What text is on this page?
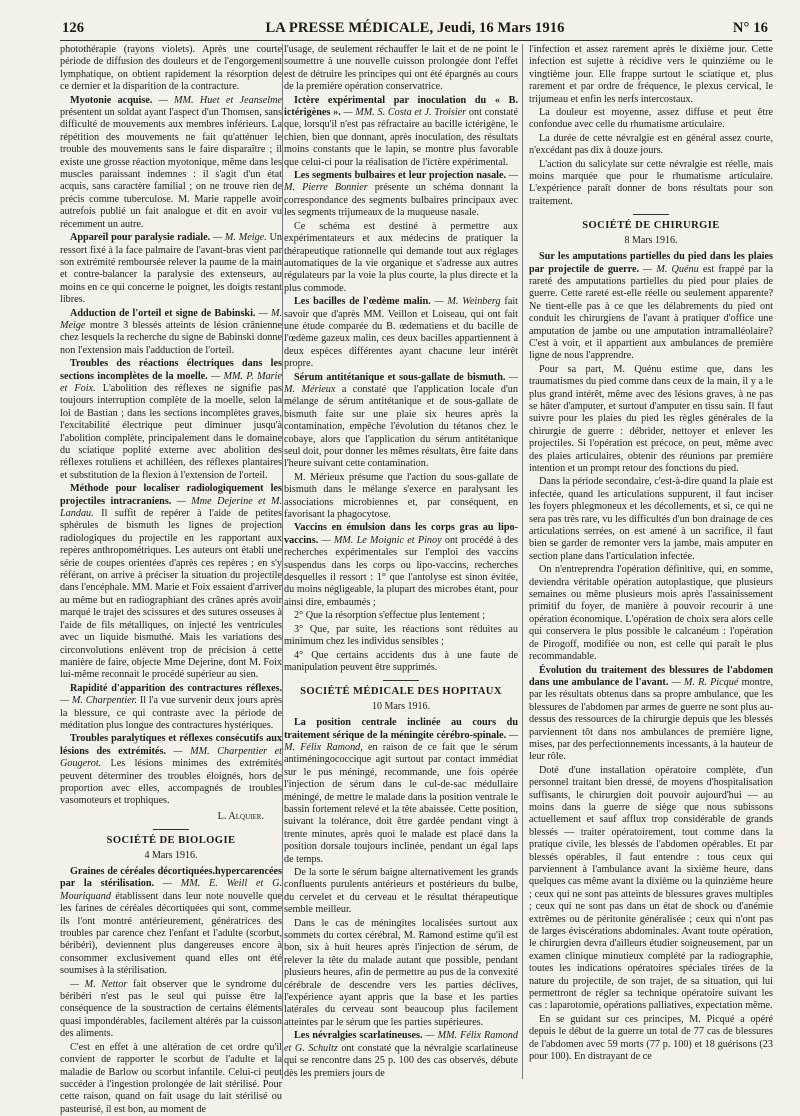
126	LA PRESSE MÉDICALE, Jeudi, 16 Mars 1916	N° 16

photothérapie (rayons violets). Après une courte période de diffusion des douleurs et de l'engorgement lymphatique, on obtient rapidement la résorption de ce dernier et la disparition de la contracture.

Myotonie acquise. — MM. Huet et Jeanselme présentent un soldat ayant l'aspect d'un Thomsen, sans difficulté de mouvements aux membres inférieurs. La répétition des mouvements ne fait qu'atténuer le trouble des mouvements sans le faire disparaître ; il existe une grosse réaction myotonique, même dans les muscles paraissant indemnes : il s'agit d'un état acquis, sans caractère familial ; on ne trouve rien de précis comme tuberculose. M. Marie rappelle avoir autrefois publié un fait analogue et dit en avoir vu récemment un autre.

Appareil pour paralysie radiale. — M. Meige. Un ressort fixé à la face palmaire de l'avant-bras vient par son extrémité remboursée relever la paume de la main et contre-balancer la paralysie des extenseurs, au moins en ce qui concerne le poignet, les doigts restant libres.

Adduction de l'orteil et signe de Babinski. — M. Meige montre 3 blessés atteints de lésion crânienne chez lesquels la recherche du signe de Babinski donne non l'extension mais l'adduction de l'orteil.

Troubles des réactions électriques dans les sections incomplètes de la moelle. — MM. P. Marie et Foix. L'abolition des réflexes ne signifie pas toujours interruption complète de la moelle, selon la loi de Bastian ; dans les sections incomplètes graves, l'excitabilité électrique peut diminuer jusqu'à l'abolition complète, principalement dans le domaine du sciatique poplité externe avec abolition des réflexes rotuliens et achilléen, des réflexes plantaires et substitution de la flexion à l'extension de l'orteil.

Méthode pour localiser radiologiquement les projectiles intracraniens. — Mme Dejerine et M. Landau. Il suffit de repérer à l'aide de petites sphérules de bismuth les lignes de projection radiologiques du projectile en les rapportant aux repères anthropométriques. Les auteurs ont établi une série de coupes orientées d'après ces repères ; en s'y référant, on arrive à préciser la situation du projectile dans l'encéphale. MM. Marie et Foix essaient d'arriver au même but en radiographiant des crânes après avoir marqué le trajet des scissures et des sutures osseuses à l'aide de fils métalliques, on injecté les ventricules avec un liquide bismuthé. Mais les variations des circonvolutions enlèvent trop de précision à cette manière de faire, objecte Mme Dejerine, dont M. Foix lui-même reconnait le procédé supérieur au sien.

Rapidité d'apparition des contractures réflexes. — M. Charpentier. Il l'a vue survenir deux jours après la blessure, ce qui contraste avec la période de méditation plus longue des contractures hystériques.

Troubles paralytiques et réflexes consécutifs aux lésions des extrémités. — MM. Charpentier et Gougerot. Les lésions minimes des extrémités peuvent déterminer des troubles éloignés, hors de proportion avec elles, accompagnés de troubles vasomoteurs et trophiques.

L. Alquier.

SOCIÉTÉ DE BIOLOGIE
4 Mars 1916.

Graines de céréales décortiquées.hypercarencées par la stérilisation. — MM. E. Weill et G. Mouriquand établissent dans leur note nouvelle que les farines de céréales décortiquées qui sont, comme ils l'ont montré antérieurement, génératrices des troubles par carence chez l'enfant et l'adulte (scorbut, béribéri), deviennent plus dangereuses encore à consommer exclusivement quand elles ont été soumises à la stérilisation.

— M. Nettor fait observer que le syndrome du béribéri n'est pas le seul qui puisse être la conséquence de la soustraction de certains éléments quasi impondérables, facilement altérés par la cuisson des aliments.

C'est en effet à une altération de cet ordre qu'il convient de rapporter le scorbut de l'adulte et la maladie de Barlow ou scorbut infantile. Celui-ci peut succéder à l'ingestion prolongée de lait stérilisé. Pour cette raison, quand on fait usage du lait stérilisé ou pasteurisé, il est bon, au moment de

l'usage, de seulement réchauffer le lait et de ne point le soumettre à une nouvelle cuisson prolongée dont l'effet est de détruire les principes qui ont été épargnés au cours de la première opération conservatrice.

Ictère expérimental par inoculation du « B. ictérigènes ». — MM. S. Costa et J. Troisier ont constaté que, lorsqu'il n'est pas réfractaire au bacille ictérigène, le chien, bien que donnant, après inoculation, des résultats moins constants que le lapin, se montre plus favorable que celui-ci pour la réalisation de l'ictère expérimental.

Les segments bulbaires et leur projection nasale. — M. Pierre Bonnier présente un schéma donnant la correspondance des segments bulbaires principaux avec les segments trijumeaux de la muqueuse nasale.

Ce schéma est destiné à permettre aux expérimentateurs et aux médecins de pratiquer la thérapeutique rationnelle qui demande tout aux réglages automatiques de la vie organique et s'adresse aux autres régulateurs par la voie la plus courte, la plus directe et la plus commode.

Les bacilles de l'œdème malin. — M. Weinberg fait savoir que d'après MM. Veillon et Loiseau, qui ont fait une étude comparée du B. œdematiens et du bacille de l'œdème gazeux malin, ces deux bacilles appartiennent à deux espèces différentes ayant chacune leur intérêt propre.

Sérum antitétanique et sous-gallate de bismuth. — M. Mérieux a constaté que l'application locale d'un mélange de sérum antitétanique et de sous-gallate de bismuth faite sur une plaie six heures après la contamination, empêche l'évolution du tétanos chez le cobaye, alors que l'application du sérum antitétanique seul doit, pour donner les mêmes résultats, être faite dans l'heure suivant cette contamination.

M. Mérieux présume que l'action du sous-gallate de bismuth dans le mélange s'exerce en paralysant les associations microbiennes et, par conséquent, en favorisant la phagocytose.

Vaccins en émulsion dans les corps gras au lipo-vaccins. — MM. Le Moignic et Pinoy ont procédé à des recherches expérimentales sur l'emploi des vaccins suspendus dans les corps ou lipo-vaccins, recherches desquelles il ressort : 1° que l'antolyse est sinon évitée, du moins négligeable, la plupart des microbes étant, pour ainsi dire, embaumés ;

2° Que la résorption s'effectue plus lentement ;

3° Que, par suite, les réactions sont réduites au minimum chez les individus sensibles ;

4° Que certains accidents dus à une faute de manipulation peuvent être supprimés.

SOCIÉTÉ MÉDICALE DES HOPITAUX
10 Mars 1916.

La position centrale inclinée au cours du traitement sérique de la méningite cérébro-spinale. — M. Félix Ramond, en raison de ce fait que le sérum antiméningococcique agit surtout par contact immédiat sur le pus méningé, recommande, une fois opérée l'injection de sérum dans le cul-de-sac médullaire méningé, de mettre le malade dans la position ventrale le bassin fortement relevé et la tête abaissée. Cette position, suivant la tolérance, doit être gardée pendant vingt à trente minutes, après quoi le malade est placé dans la position dorsale toujours inclinée, pendant un égal laps de temps.

De la sorte le sérum baigne alternativement les grands confluents purulents antérieurs et postérieurs du bulbe, du cervelet et du cerveau et le résultat thérapeutique semble meilleur.

Dans le cas de méningites localisées surtout aux sommets du cortex cérébral, M. Ramond estime qu'il est bon, six à huit heures après l'injection de sérum, de relever la tête du malade autant que possible, pendant plusieurs heures, afin de permettre au pus de la convexité cérébrale de descendre vers les parties déclives, l'expérience ayant appris que la base et les parties latérales du cerveau sont beaucoup plus facilement atteintes par le sérum que les parties supérieures.

Les névralgies scarlatineuses. — MM. Félix Ramond et G. Schultz ont constaté que la névralgie scarlatineuse qui se rencontre dans 25 p. 100 des cas observés, débute dès les premiers jours de

l'infection et assez rarement après le dixième jour. Cette infection est sujette à récidive vers le quinzième ou le vingtième jour. Elle frappe surtout le sciatique et, plus rarement et par ordre de fréquence, le plexus cervical, le trijumeau et enfin les nerfs intercostaux.

La douleur est moyenne, assez diffuse et peut être confondue avec celle du rhumatisme articulaire.

La durée de cette névralgie est en général assez courte, n'excédant pas dix à douze jours.

L'action du salicylate sur cette névralgie est réelle, mais moins marquée que pour le rhumatisme articulaire. L'expérience paraît donner de bons résultats pour son traitement.

SOCIÉTÉ DE CHIRURGIE
8 Mars 1916.

Sur les amputations partielles du pied dans les plaies par projectile de guerre. — M. Quénu est frappé par la rareté des amputations partielles du pied pour plaies de guerre. Cette rareté est-elle réelle ou seulement apparente? Ne tient-elle pas à ce que les délabrements du pied ont conduit les chirurgiens de l'avant à pratiquer d'office une amputation de jambe ou une amputation intramalléolaire? C'est à voir, et il appartient aux ambulances de première ligne de nous l'apprendre.

Pour sa part, M. Quénu estime que, dans les traumatismes du pied comme dans ceux de la main, il y a le plus grand intérêt, même avec des lésions graves, à ne pas se hâter d'amputer, et surtout d'amputer en tissu sain. Il faut suivre pour les plaies du pied les règles générales de la chirurgie de guerre : débrider, nettoyer et enlever les projectiles. Si l'opération est précoce, on peut, même avec des plaies articulaires, obtenir des réunions par première intention et un prompt retour des fonctions du pied.

Dans la période secondaire, c'est-à-dire quand la plaie est infectée, quand les articulations suppurent, il faut inciser les foyers phlegmoneux et les décollements, et si, ce qui ne sera pas très rare, vu les difficultés d'un bon drainage de ces articulations serrées, on est amené à un sacrifice, il faut bien se garder de remonter vers la jambe, mais amputer en section plane dans l'articulation infectée.

On n'entreprendra l'opération définitive, qui, en somme, deviendra véritable opération autoplastique, que plusieurs semaines ou même plusieurs mois après l'assainissement primitif du foyer, de manière à pouvoir recourir à une opération économique. L'opération de choix sera alors celle qui conservera le plus possible le calcanéum : l'opération de Pirogoff, modifiée ou non, est celle qui paraît le plus recommandable.

Évolution du traitement des blessures de l'abdomen dans une ambulance de l'avant. — M. R. Picqué montre, par les résultats obtenus dans sa propre ambulance, que les blessures de l'abdomen par armes de guerre ne sont plus au-dessus des ressources de la chirurgie depuis que les blessés parviennent tôt dans nos ambulances de première ligne, mises, par des perfectionnements incessants, à la hauteur de leur rôle.

Doté d'une installation opératoire complète, d'un personnel traitant bien dressé, de moyens d'hospitalisation suffisants, le chirurgien doit pouvoir aujourd'hui — au moins dans la guerre de siège que nous subissons actuellement et sauf afflux trop considérable de grands blessés — traiter opératoirement, tout comme dans la pratique civile, les blessés de l'abdomen opérables. Et par blessés opérables, il faut entendre : tous ceux qui parviennent à l'ambulance avant la sixième heure, dans quelques cas même avant la dixième ou la quinzième heure ; ceux qui ne sont pas atteints de blessures graves multiples ; ceux qui ne sont pas dans un état de shock ou d'anémie extrêmes ou de péritonite généralisée ; ceux qui n'ont pas de larges éviscérations abdominales. Avant toute opération, le chirurgien devra d'ailleurs étudier soigneusement, par un examen clinique minutieux complété par la radiographie, toutes les indications opératoires spéciales tirées de la nature du projectile, de son trajet, de sa situation, qui lui permettront de régler sa technique opératoire suivant les cas : laparotomie, opérations palliatives, expectation même.

En se guidant sur ces principes, M. Picqué a opéré depuis le début de la guerre un total de 77 cas de blessures de l'abdomen avec 59 morts (77 p. 100) et 18 guérisons (23 pour 100). En distrayant de ce
